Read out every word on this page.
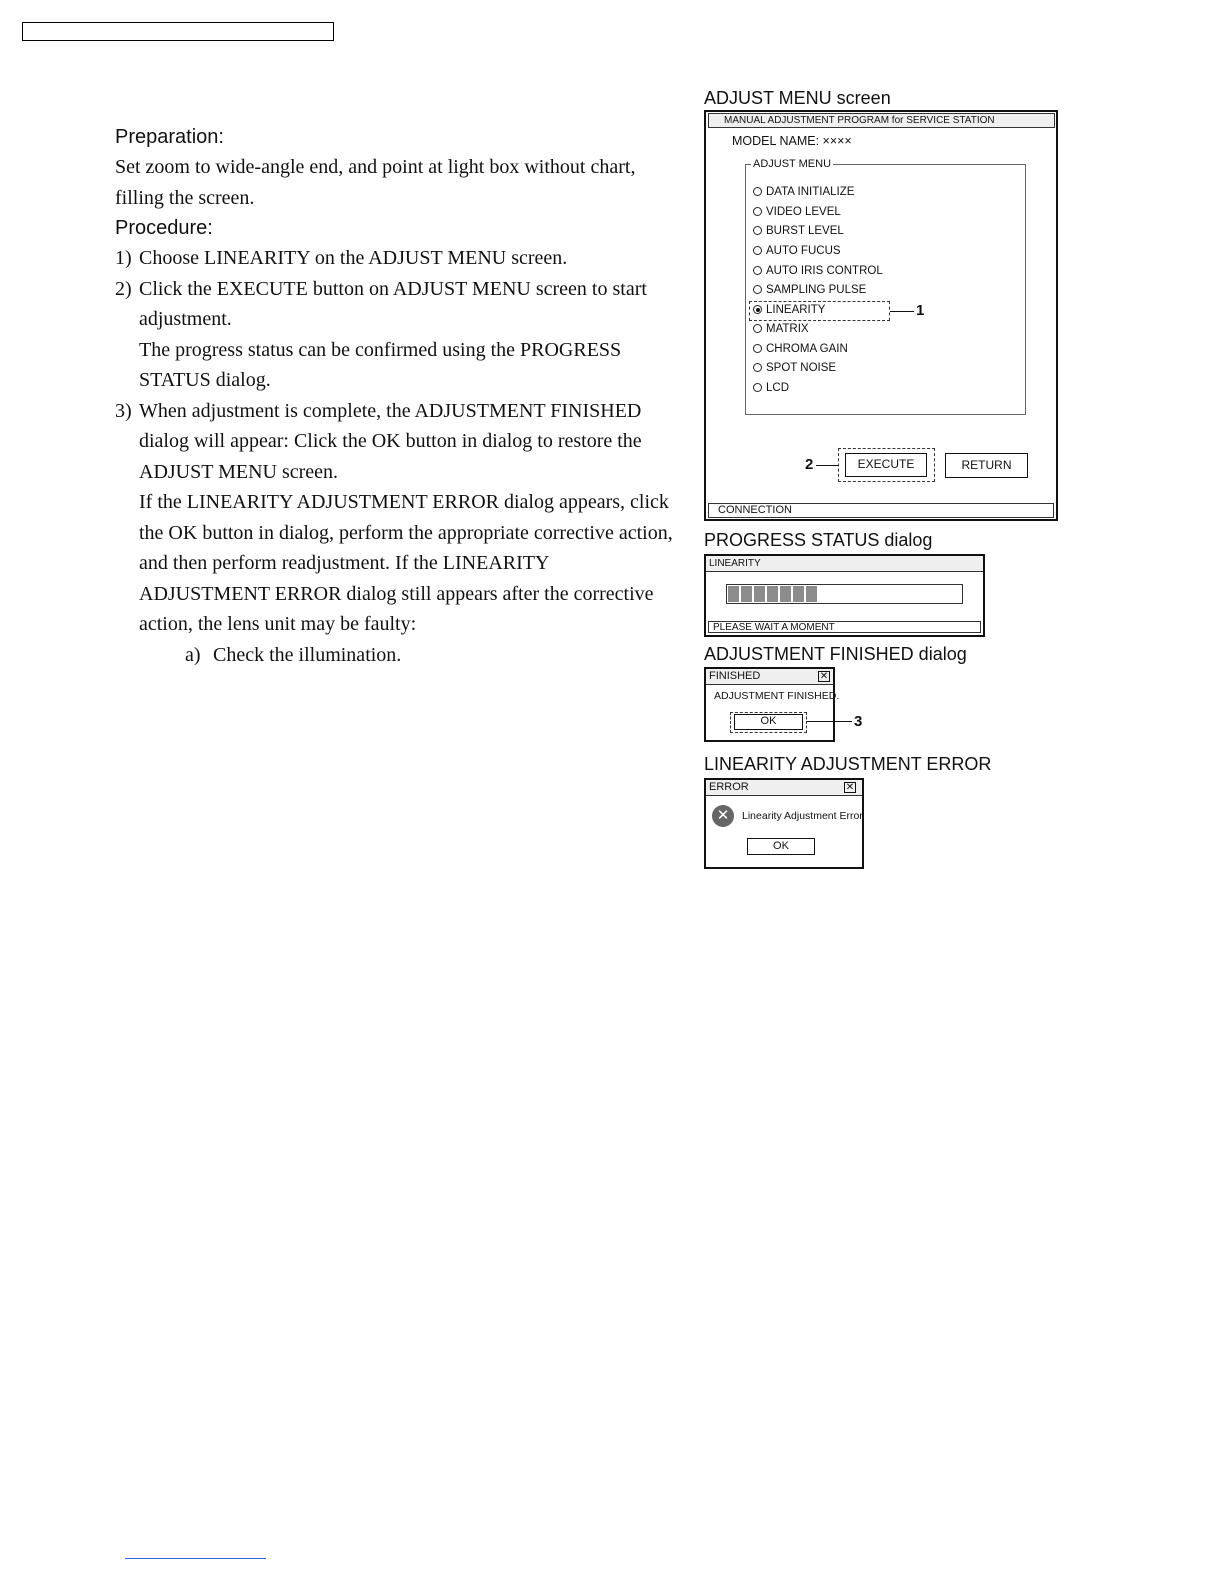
Preparation:
Set zoom to wide-angle end, and point at light box without chart, filling the screen.
Procedure:
1) Choose LINEARITY on the ADJUST MENU screen.
2) Click the EXECUTE button on ADJUST MENU screen to start adjustment.
The progress status can be confirmed using the PROGRESS STATUS dialog.
3) When adjustment is complete, the ADJUSTMENT FINISHED dialog will appear: Click the OK button in dialog to restore the ADJUST MENU screen.
If the LINEARITY ADJUSTMENT ERROR dialog appears, click the OK button in dialog, perform the appropriate corrective action, and then perform readjustment. If the LINEARITY ADJUSTMENT ERROR dialog still appears after the corrective action, the lens unit may be faulty:
a) Check the illumination.
ADJUST MENU screen
MANUAL ADJUSTMENT PROGRAM for SERVICE STATION
MODEL NAME: ××××
ADJUST MENU
DATA INITIALIZE
VIDEO LEVEL
BURST LEVEL
AUTO FUCUS
AUTO IRIS CONTROL
SAMPLING PULSE
LINEARITY
MATRIX
CHROMA GAIN
SPOT NOISE
LCD
1
2	EXECUTE	RETURN
CONNECTION
PROGRESS STATUS dialog
LINEARITY
PLEASE WAIT A MOMENT
ADJUSTMENT FINISHED dialog
FINISHED	✕
ADJUSTMENT FINISHED.
OK	3
LINEARITY ADJUSTMENT ERROR
ERROR	✕
✕	Linearity Adjustment Error
OK
